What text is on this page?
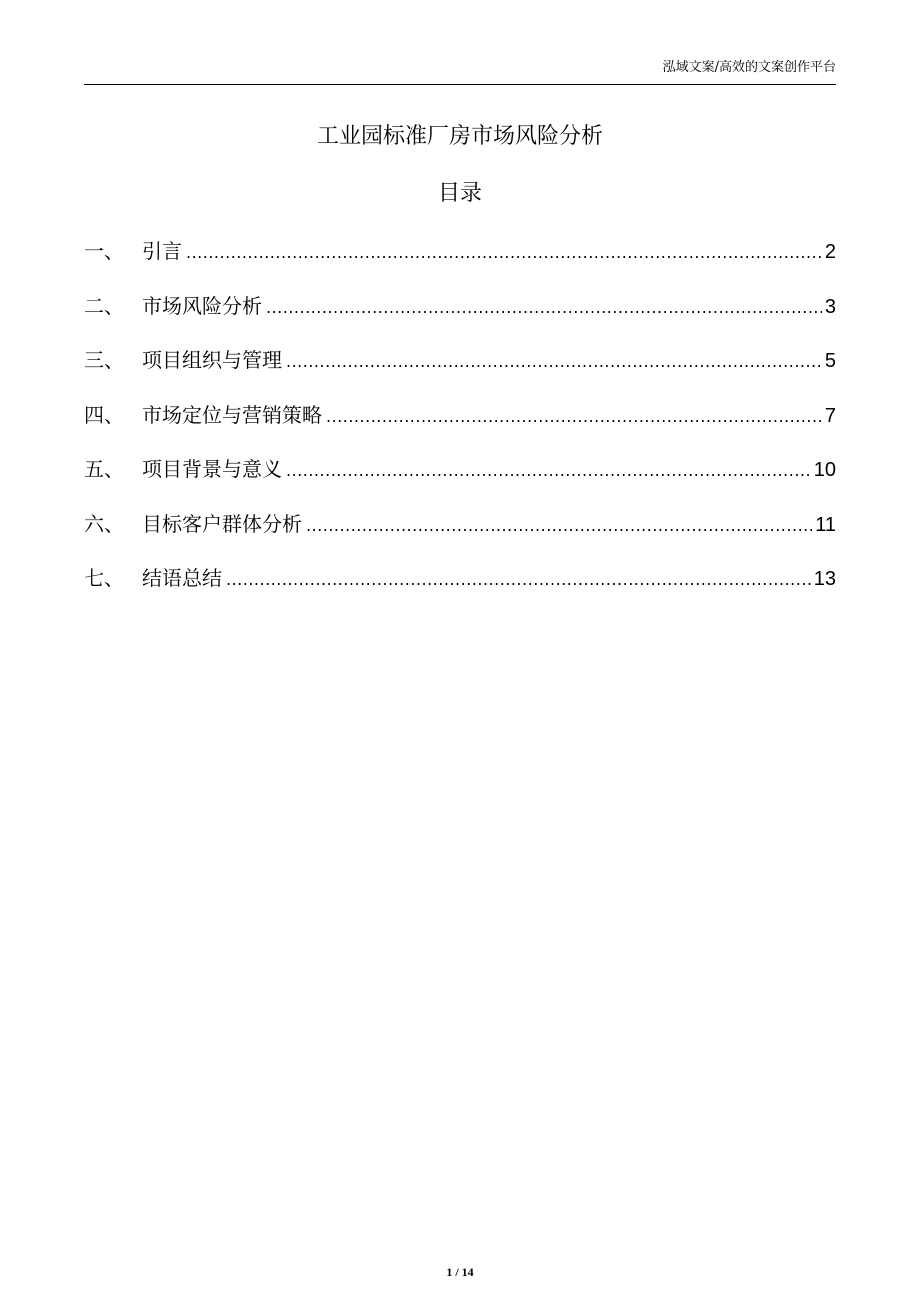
泓域文案/高效的文案创作平台
工业园标准厂房市场风险分析
目录
一、 引言 .....	2
二、 市场风险分析 .....	3
三、 项目组织与管理 .....	5
四、 市场定位与营销策略 .....	7
五、 项目背景与意义 .....	10
六、 目标客户群体分析 .....	11
七、 结语总结 .....	13
1 / 14
